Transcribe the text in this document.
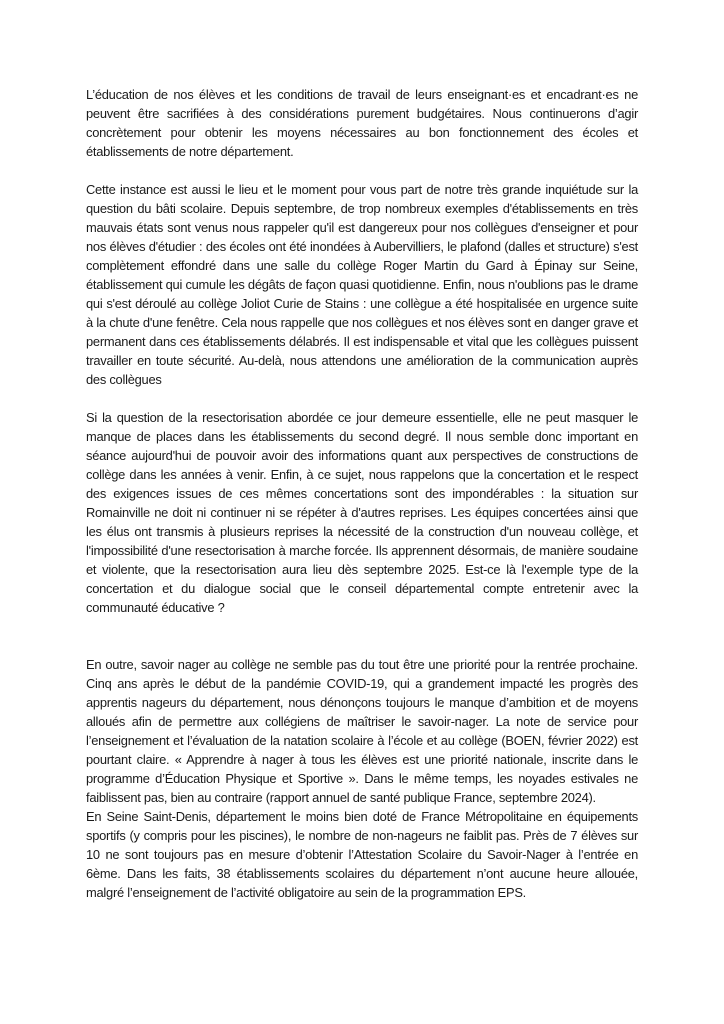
L’éducation de nos élèves et les conditions de travail de leurs enseignant·es et encadrant·es ne peuvent être sacrifiées à des considérations purement budgétaires. Nous continuerons d’agir concrètement pour obtenir les moyens nécessaires au bon fonctionnement des écoles et établissements de notre département.

Cette instance est aussi le lieu et le moment pour vous part de notre très grande inquiétude sur la question du bâti scolaire. Depuis septembre, de trop nombreux exemples d'établissements en très mauvais états sont venus nous rappeler qu'il est dangereux pour nos collègues d'enseigner et pour nos élèves d'étudier : des écoles ont été inondées à Aubervilliers, le plafond (dalles et structure) s'est complètement effondré dans une salle du collège Roger Martin du Gard à Épinay sur Seine, établissement qui cumule les dégâts de façon quasi quotidienne. Enfin, nous n'oublions pas le drame qui s'est déroulé au collège Joliot Curie de Stains : une collègue a été hospitalisée en urgence suite à la chute d'une fenêtre. Cela nous rappelle que nos collègues et nos élèves sont en danger grave et permanent dans ces établissements délabrés. Il est indispensable et vital que les collègues puissent travailler en toute sécurité. Au-delà, nous attendons une amélioration de la communication auprès des collègues

Si la question de la resectorisation abordée ce jour demeure essentielle, elle ne peut masquer le manque de places dans les établissements du second degré. Il nous semble donc important en séance aujourd'hui de pouvoir avoir des informations quant aux perspectives de constructions de collège dans les années à venir. Enfin, à ce sujet, nous rappelons que la concertation et le respect des exigences issues de ces mêmes concertations sont des impondérables : la situation sur Romainville ne doit ni continuer ni se répéter à d'autres reprises. Les équipes concertées ainsi que les élus ont transmis à plusieurs reprises la nécessité de la construction d'un nouveau collège, et l'impossibilité d'une resectorisation à marche forcée. Ils apprennent désormais, de manière soudaine et violente, que la resectorisation aura lieu dès septembre 2025. Est-ce là l'exemple type de la concertation et du dialogue social que le conseil départemental compte entretenir avec la communauté éducative ?

En outre, savoir nager au collège ne semble pas du tout être une priorité pour la rentrée prochaine. Cinq ans après le début de la pandémie COVID-19, qui a grandement impacté les progrès des apprentis nageurs du département, nous dénonçons toujours le manque d’ambition et de moyens alloués afin de permettre aux collégiens de maîtriser le savoir-nager. La note de service pour l’enseignement et l’évaluation de la natation scolaire à l’école et au collège (BOEN, février 2022) est pourtant claire. « Apprendre à nager à tous les élèves est une priorité nationale, inscrite dans le programme d’Éducation Physique et Sportive ». Dans le même temps, les noyades estivales ne faiblissent pas, bien au contraire (rapport annuel de santé publique France, septembre 2024).

En Seine Saint-Denis, département le moins bien doté de France Métropolitaine en équipements sportifs (y compris pour les piscines), le nombre de non-nageurs ne faiblit pas. Près de 7 élèves sur 10 ne sont toujours pas en mesure d’obtenir l’Attestation Scolaire du Savoir-Nager à l’entrée en 6ème. Dans les faits, 38 établissements scolaires du département n’ont aucune heure allouée, malgré l’enseignement de l’activité obligatoire au sein de la programmation EPS.
